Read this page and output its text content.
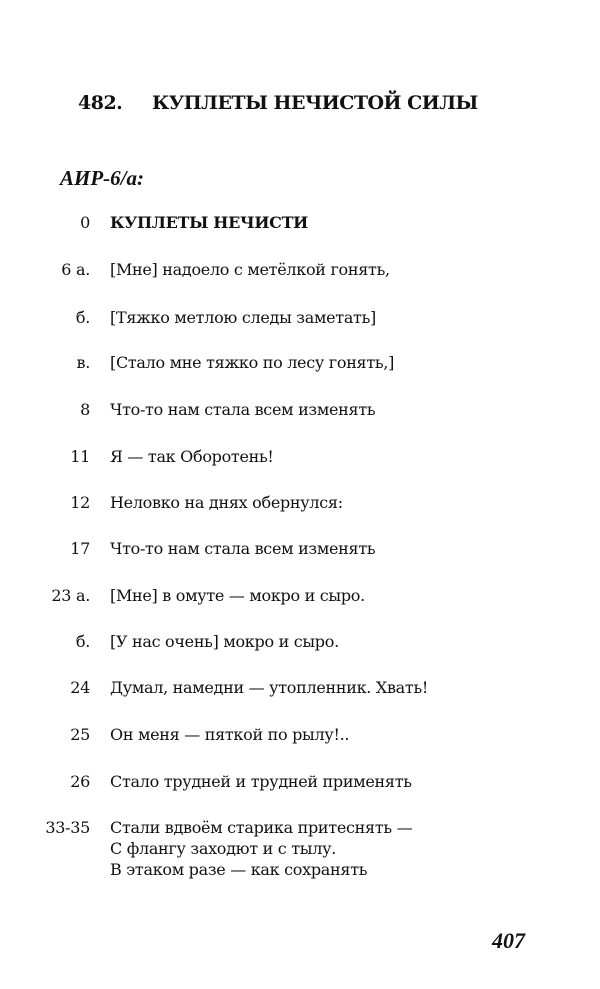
482. КУПЛЕТЫ НЕЧИСТОЙ СИЛЫ
АИР-6/а:
0 КУПЛЕТЫ НЕЧИСТИ
6 а. [Мне] надоело с метёлкой гонять,
б. [Тяжко метлою следы заметать]
в. [Стало мне тяжко по лесу гонять,]
8 Что-то нам стала всем изменять
11 Я — так Оборотень!
12 Неловко на днях обернулся:
17 Что-то нам стала всем изменять
23 а. [Мне] в омуте — мокро и сыро.
б. [У нас очень] мокро и сыро.
24 Думал, намедни — утопленник. Хвать!
25 Он меня — пяткой по рылу!..
26 Стало трудней и трудней применять
33-35 Стали вдвоём старика притеснять —
С флангу заходют и с тылу.
В этаком разе — как сохранять
407
